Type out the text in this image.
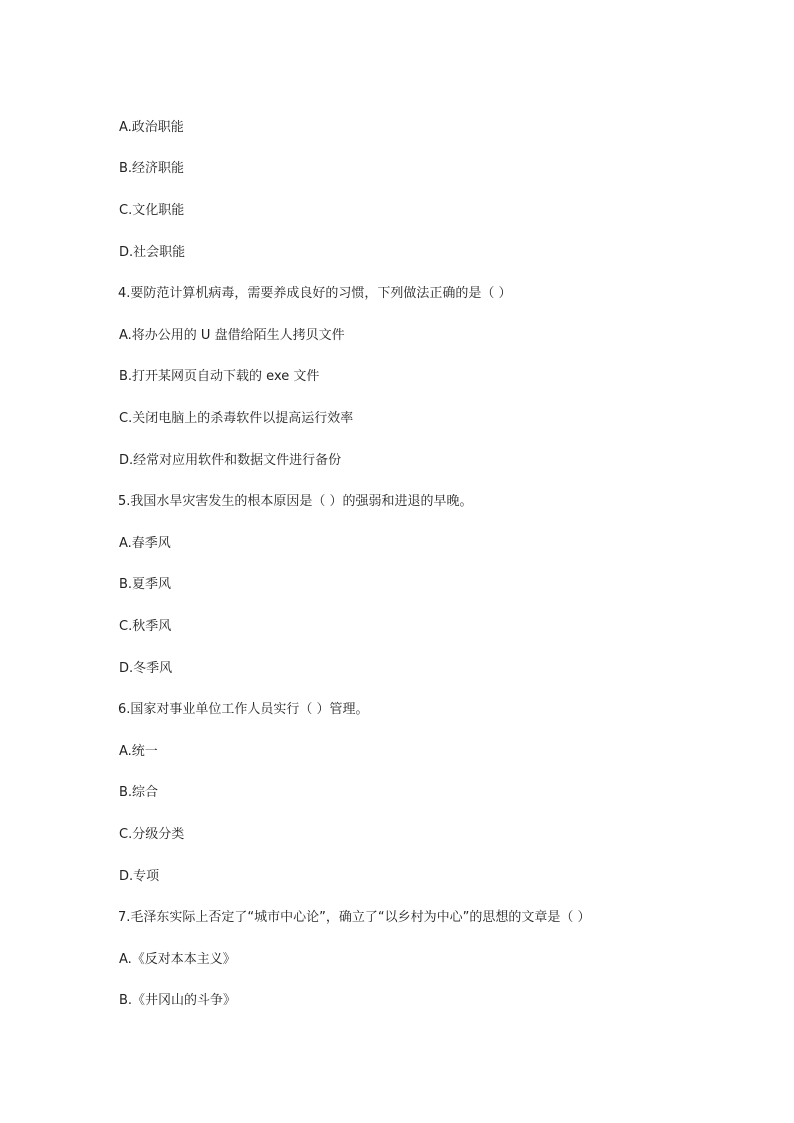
A.政治职能
B.经济职能
C.文化职能
D.社会职能
4.要防范计算机病毒，需要养成良好的习惯，下列做法正确的是（ ）
A.将办公用的 U 盘借给陌生人拷贝文件
B.打开某网页自动下载的 exe 文件
C.关闭电脑上的杀毒软件以提高运行效率
D.经常对应用软件和数据文件进行备份
5.我国水旱灾害发生的根本原因是（ ）的强弱和进退的早晚。
A.春季风
B.夏季风
C.秋季风
D.冬季风
6.国家对事业单位工作人员实行（ ）管理。
A.统一
B.综合
C.分级分类
D.专项
7.毛泽东实际上否定了“城市中心论”，确立了“以乡村为中心”的思想的文章是（ ）
A.《反对本本主义》
B.《井冈山的斗争》
